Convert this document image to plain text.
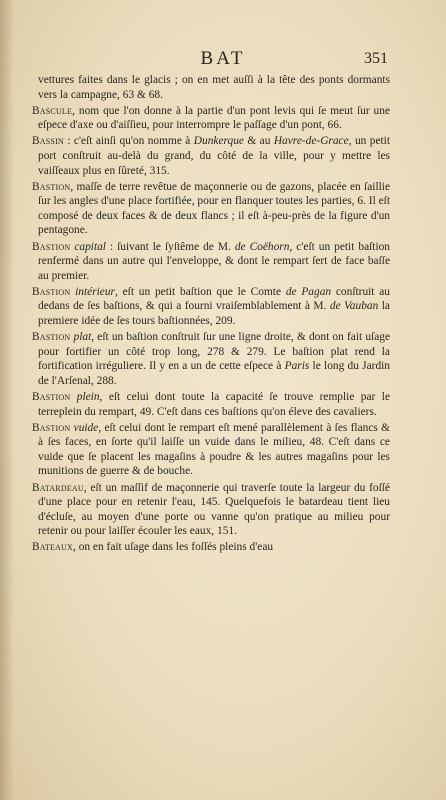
BAT	351

vettures faites dans le glacis ; on en met auſſi à la tête des ponts dormants vers la campagne, 63 & 68.

Bascule, nom que l'on donne à la partie d'un pont levis qui ſe meut ſur une eſpece d'axe ou d'aiſſieu, pour interrompre le paſſage d'un pont, 66.

Bassin : c'eſt ainſi qu'on nomme à Dunkerque & au Havre-de-Grace, un petit port conſtruit au-delà du grand, du côté de la ville, pour y mettre les vaiſſeaux plus en ſûreté, 315.

Bastion, maſſe de terre revêtue de maçonnerie ou de gazons, placée en ſaillie ſur les angles d'une place fortifiée, pour en flanquer toutes les parties, 6. Il eſt composé de deux faces & de deux flancs ; il eſt à-peu-près de la figure d'un pentagone.

Bastion capital : ſuivant le ſyſtême de M. de Coëhorn, c'eſt un petit baſtion renfermé dans un autre qui l'enveloppe, & dont le rempart ſert de face baſſe au premier.

Bastion intérieur, eſt un petit baſtion que le Comte de Pagan conſtruit au dedans de ſes baſtions, & qui a fourni vraiſemblablement à M. de Vauban la premiere idée de ſes tours baſtionnées, 209.

Bastion plat, eſt un baſtion conſtruit ſur une ligne droite, & dont on fait uſage pour fortifier un côté trop long, 278 & 279. Le baſtion plat rend la fortification irréguliere. Il y en a un de cette eſpece à Paris le long du Jardin de l'Arſenal, 288.

Bastion plein, eſt celui dont toute la capacité ſe trouve remplie par le terreplein du rempart, 49. C'eſt dans ces baſtions qu'on éleve des cavaliers.

Bastion vuide, eſt celui dont le rempart eſt mené parallèlement à ſes flancs & à ſes faces, en ſorte qu'il laiſſe un vuide dans le milieu, 48. C'eſt dans ce vuide que ſe placent les magaſins à poudre & les autres magaſins pour les munitions de guerre & de bouche.

Batardeau, eſt un maſſif de maçonnerie qui traverſe toute la largeur du foſſé d'une place pour en retenir l'eau, 145. Quelquefois le batardeau tient lieu d'écluſe, au moyen d'une porte ou vanne qu'on pratique au milieu pour retenir ou pour laiſſer écouler les eaux, 151.

Bateaux, on en fait uſage dans les foſſés pleins d'eau
